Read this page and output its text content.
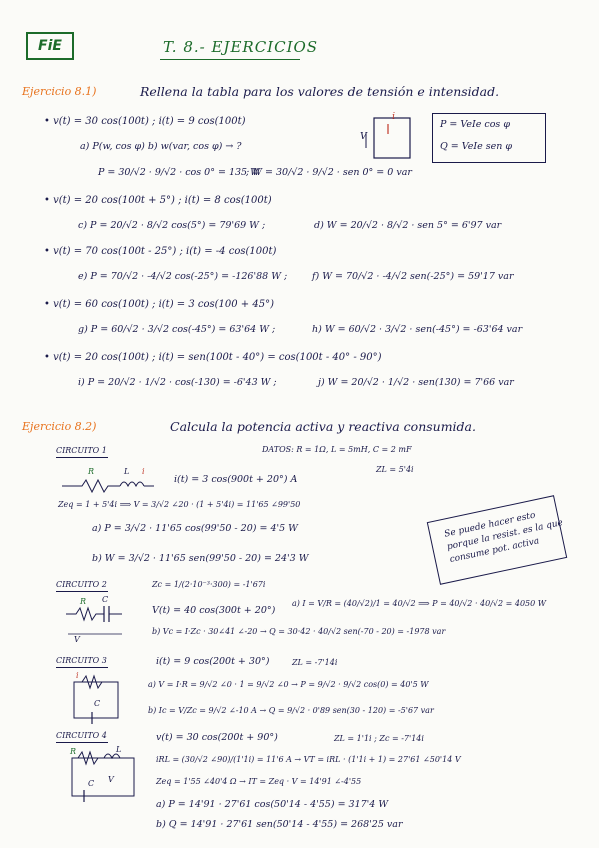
FiE	T. 8.- EJERCICIOS
Ejercicio 8.1)	Rellena la tabla para los valores de tensión e intensidad.
V
i
P = VeIe cos φ
Q = VeIe sen φ
• v(t) = 30 cos(100t) ; i(t) = 9 cos(100t)
a) P(w, cos φ) b) w(var, cos φ) → ?
P = 30/√2 · 9/√2 · cos 0° = 135 W
; W = 30/√2 · 9/√2 · sen 0° = 0 var
• v(t) = 20 cos(100t + 5°) ; i(t) = 8 cos(100t)
c) P = 20/√2 · 8/√2 cos(5°) = 79'69 W ;	d) W = 20/√2 · 8/√2 · sen 5° = 6'97 var
• v(t) = 70 cos(100t - 25°) ; i(t) = -4 cos(100t)
e) P = 70/√2 · -4/√2 cos(-25°) = -126'88 W ;	f) W = 70/√2 · -4/√2 sen(-25°) = 59'17 var
• v(t) = 60 cos(100t) ; i(t) = 3 cos(100 + 45°)
g) P = 60/√2 · 3/√2 cos(-45°) = 63'64 W ;	h) W = 60/√2 · 3/√2 · sen(-45°) = -63'64 var
• v(t) = 20 cos(100t) ; i(t) = sen(100t - 40°) = cos(100t - 40° - 90°)
i) P = 20/√2 · 1/√2 · cos(-130) = -6'43 W ;	j) W = 20/√2 · 1/√2 · sen(130) = 7'66 var
Ejercicio 8.2)	Calcula la potencia activa y reactiva consumida.
CIRCUITO 1	DATOS: R = 1Ω, L = 5mH, C = 2 mF
R	L i
i(t) = 3 cos(900t + 20°) A
ZL = 5'4i
Zeq = 1 + 5'4i ⟹ V = 3/√2 ∠20 · (1 + 5'4i) = 11'65 ∠99'50
a) P = 3/√2 · 11'65 cos(99'50 - 20) = 4'5 W
b) W = 3/√2 · 11'65 sen(99'50 - 20) = 24'3 W
Se puede hacer esto porque la resist. es la que consume pot. activa
CIRCUITO 2
R C
V
Zc = 1/(2·10⁻³·300) = -1'67i
V(t) = 40 cos(300t + 20°)
a) I = V/R = (40/√2)/1 = 40/√2 ⟹ P = 40/√2 · 40/√2 = 4050 W
b) Vc = I·Zc · 30∠41 ∠-20 → Q = 30·42 · 40/√2 sen(-70 - 20) = -1978 var
CIRCUITO 3
C
i
i(t) = 9 cos(200t + 30°)	ZL = -7'14i
a) V = I·R = 9/√2 ∠0 · 1 = 9/√2 ∠0 → P = 9/√2 · 9/√2 cos(0) = 40'5 W
b) Ic = V/Zc = 9/√2 ∠-10 A → Q = 9/√2 · 0'89 sen(30 - 120) = -5'67 var
CIRCUITO 4
R	L
C V
v(t) = 30 cos(200t + 90°)	ZL = 1'1i ; Zc = -7'14i
iRL = (30/√2 ∠90)/(1'1i) = 11'6 A → VT = iRL · (1'1i + 1) = 27'61 ∠50'14 V
Zeq = 1'55 ∠40'4 Ω → IT = Zeq · V = 14'91 ∠-4'55
a) P = 14'91 · 27'61 cos(50'14 - 4'55) = 317'4 W
b) Q = 14'91 · 27'61 sen(50'14 - 4'55) = 268'25 var
